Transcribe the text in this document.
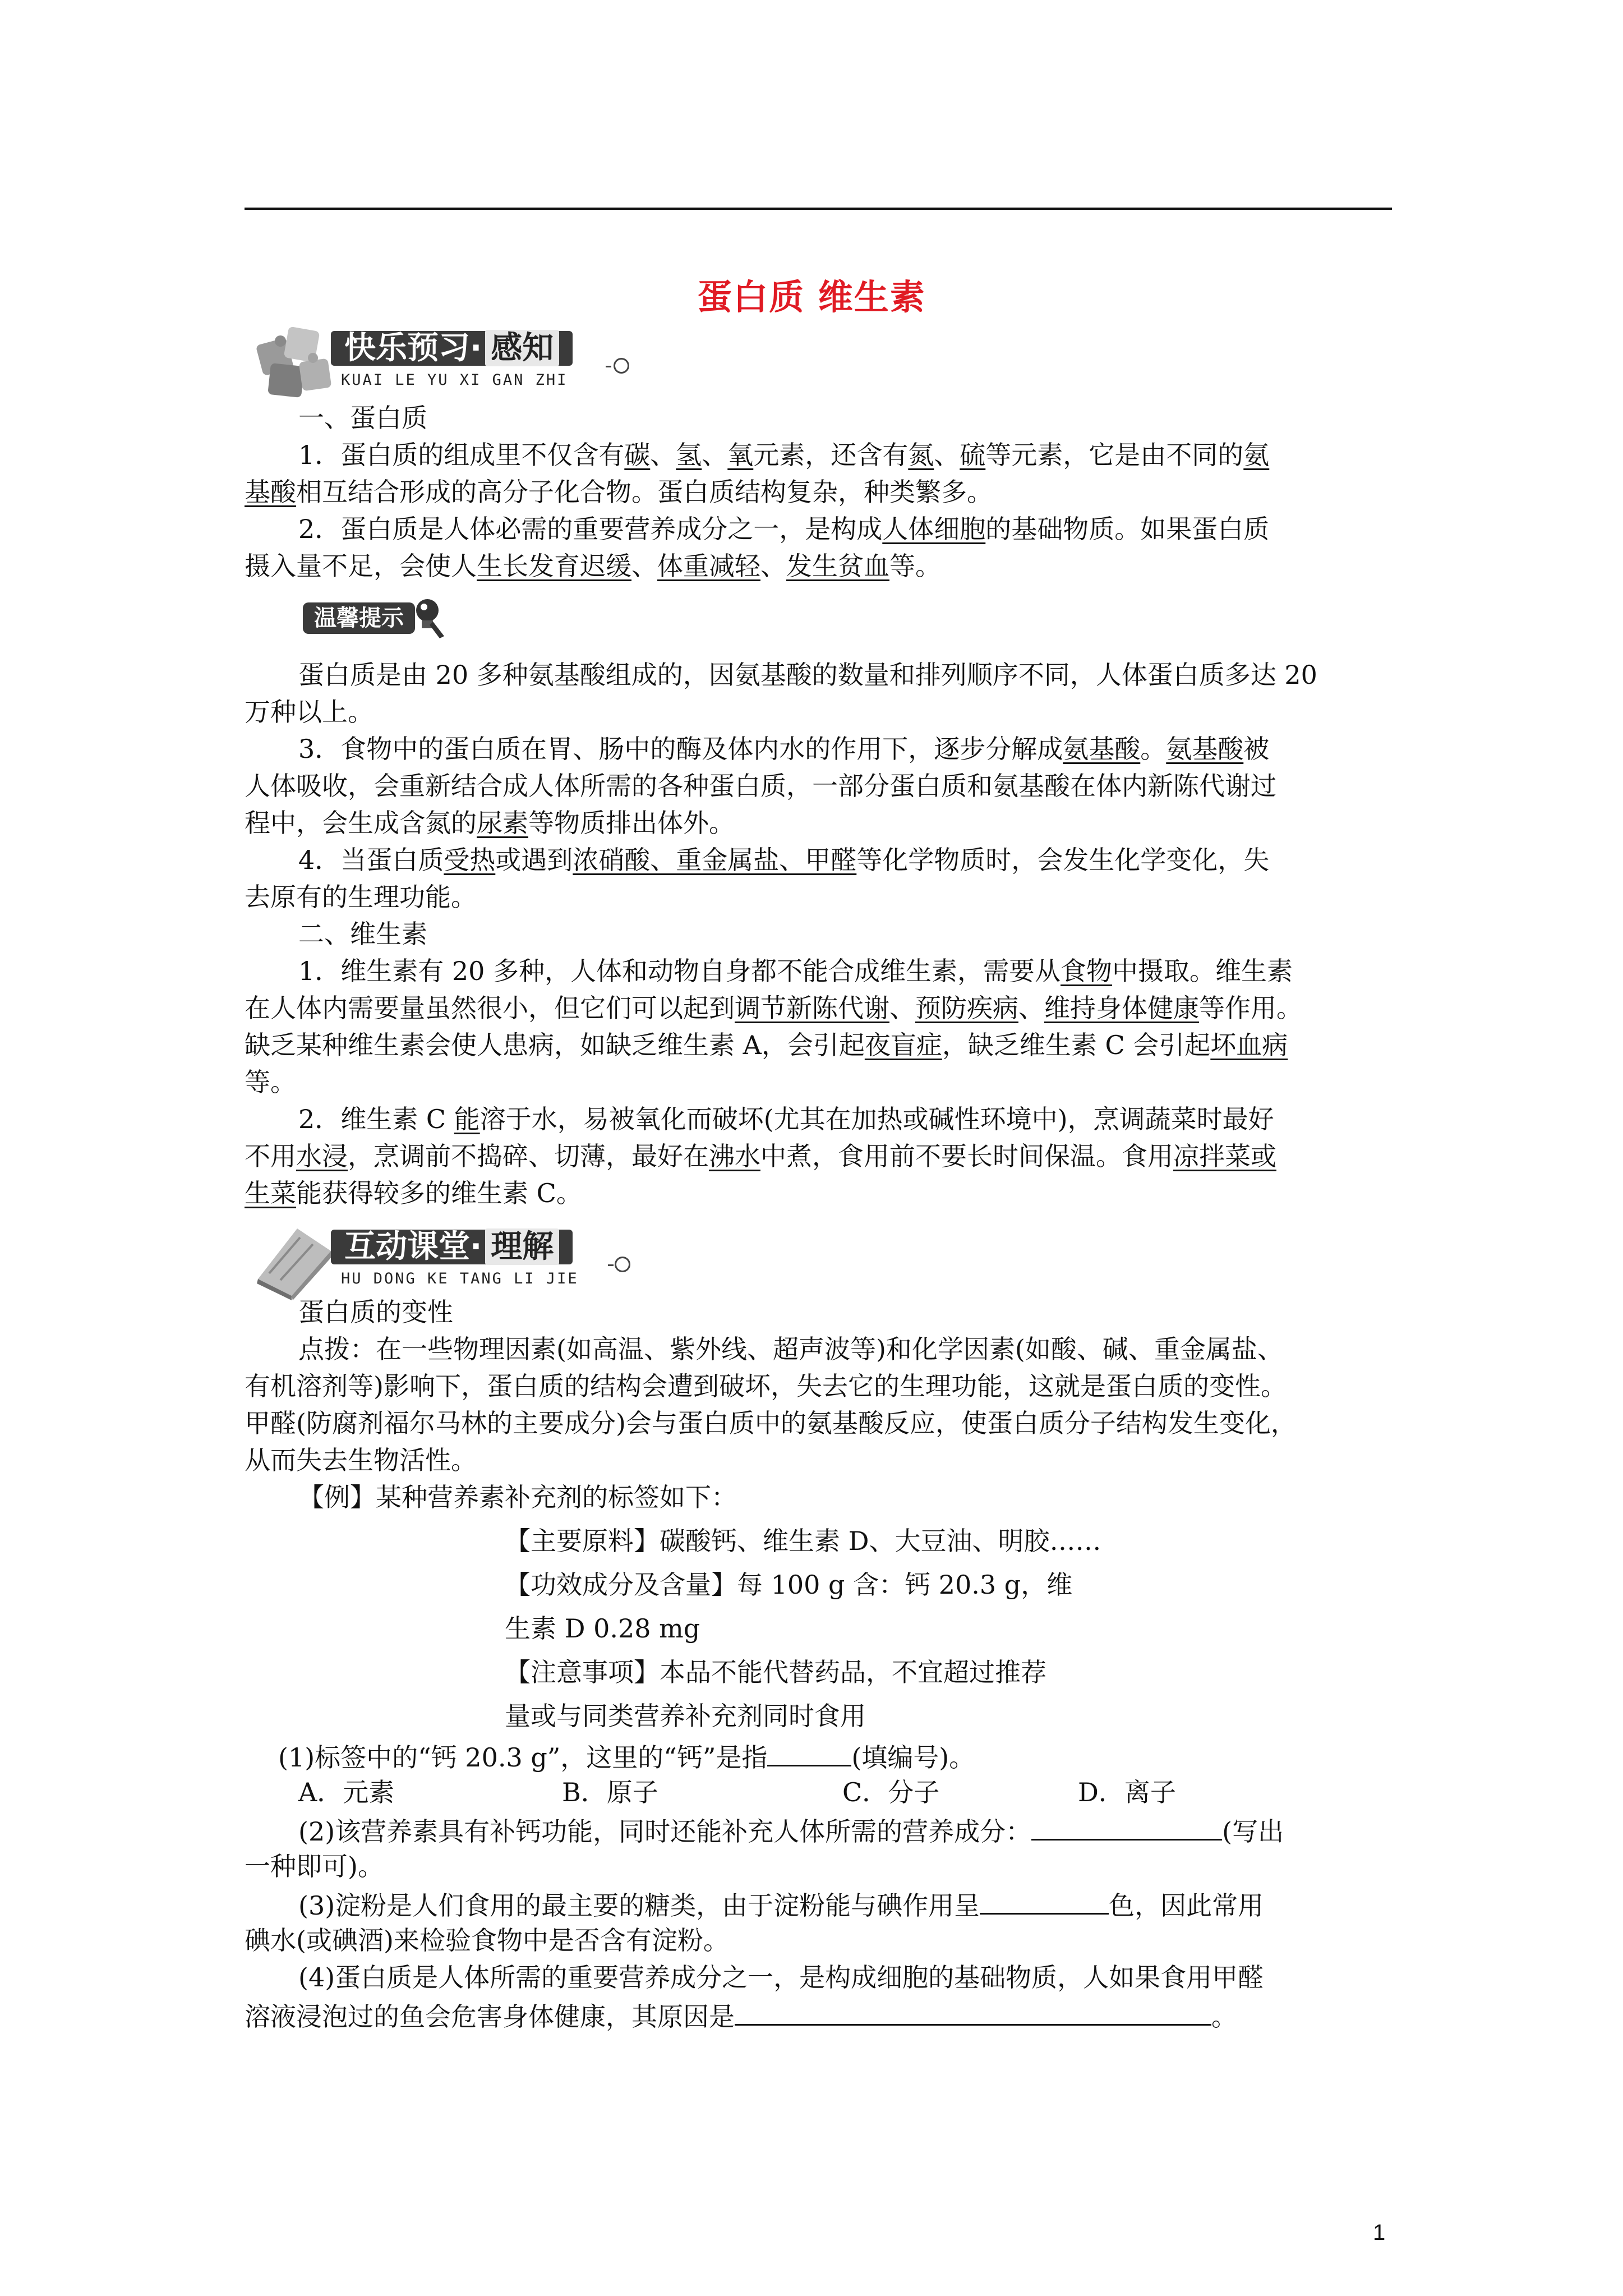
蛋白质 维生素
快乐预习· 感知
KUAI LE YU XI GAN ZHI
一、蛋白质
1．蛋白质的组成里不仅含有碳、氢、氧元素，还含有氮、硫等元素，它是由不同的氨
基酸相互结合形成的高分子化合物。蛋白质结构复杂，种类繁多。
2．蛋白质是人体必需的重要营养成分之一，是构成人体细胞的基础物质。如果蛋白质
摄入量不足，会使人生长发育迟缓、体重减轻、发生贫血等。
温馨提示
蛋白质是由 20 多种氨基酸组成的，因氨基酸的数量和排列顺序不同，人体蛋白质多达 20
万种以上。
3．食物中的蛋白质在胃、肠中的酶及体内水的作用下，逐步分解成氨基酸。氨基酸被
人体吸收，会重新结合成人体所需的各种蛋白质，一部分蛋白质和氨基酸在体内新陈代谢过
程中，会生成含氮的尿素等物质排出体外。
4．当蛋白质受热或遇到浓硝酸、重金属盐、甲醛等化学物质时，会发生化学变化，失
去原有的生理功能。
二、维生素
1．维生素有 20 多种，人体和动物自身都不能合成维生素，需要从食物中摄取。维生素
在人体内需要量虽然很小，但它们可以起到调节新陈代谢、预防疾病、维持身体健康等作用。
缺乏某种维生素会使人患病，如缺乏维生素 A，会引起夜盲症，缺乏维生素 C 会引起坏血病
等。
2．维生素 C 能溶于水，易被氧化而破坏(尤其在加热或碱性环境中)，烹调蔬菜时最好
不用水浸，烹调前不捣碎、切薄，最好在沸水中煮，食用前不要长时间保温。食用凉拌菜或
生菜能获得较多的维生素 C。
互动课堂· 理解
HU DONG KE TANG LI JIE
蛋白质的变性
点拨：在一些物理因素(如高温、紫外线、超声波等)和化学因素(如酸、碱、重金属盐、
有机溶剂等)影响下，蛋白质的结构会遭到破坏，失去它的生理功能，这就是蛋白质的变性。
甲醛(防腐剂福尔马林的主要成分)会与蛋白质中的氨基酸反应，使蛋白质分子结构发生变化，
从而失去生物活性。
【例】某种营养素补充剂的标签如下：
【主要原料】碳酸钙、维生素 D、大豆油、明胶……
【功效成分及含量】每 100 g 含：钙 20.3 g，维
生素 D 0.28 mg
【注意事项】本品不能代替药品，不宜超过推荐
量或与同类营养补充剂同时食用
(1)标签中的“钙 20.3 g”，这里的“钙”是指	(填编号)。
A．元素	B．原子	C．分子	D．离子
(2)该营养素具有补钙功能，同时还能补充人体所需的营养成分：	(写出
一种即可)。
(3)淀粉是人们食用的最主要的糖类，由于淀粉能与碘作用呈	色，因此常用
碘水(或碘酒)来检验食物中是否含有淀粉。
(4)蛋白质是人体所需的重要营养成分之一，是构成细胞的基础物质，人如果食用甲醛
溶液浸泡过的鱼会危害身体健康，其原因是	。
1
